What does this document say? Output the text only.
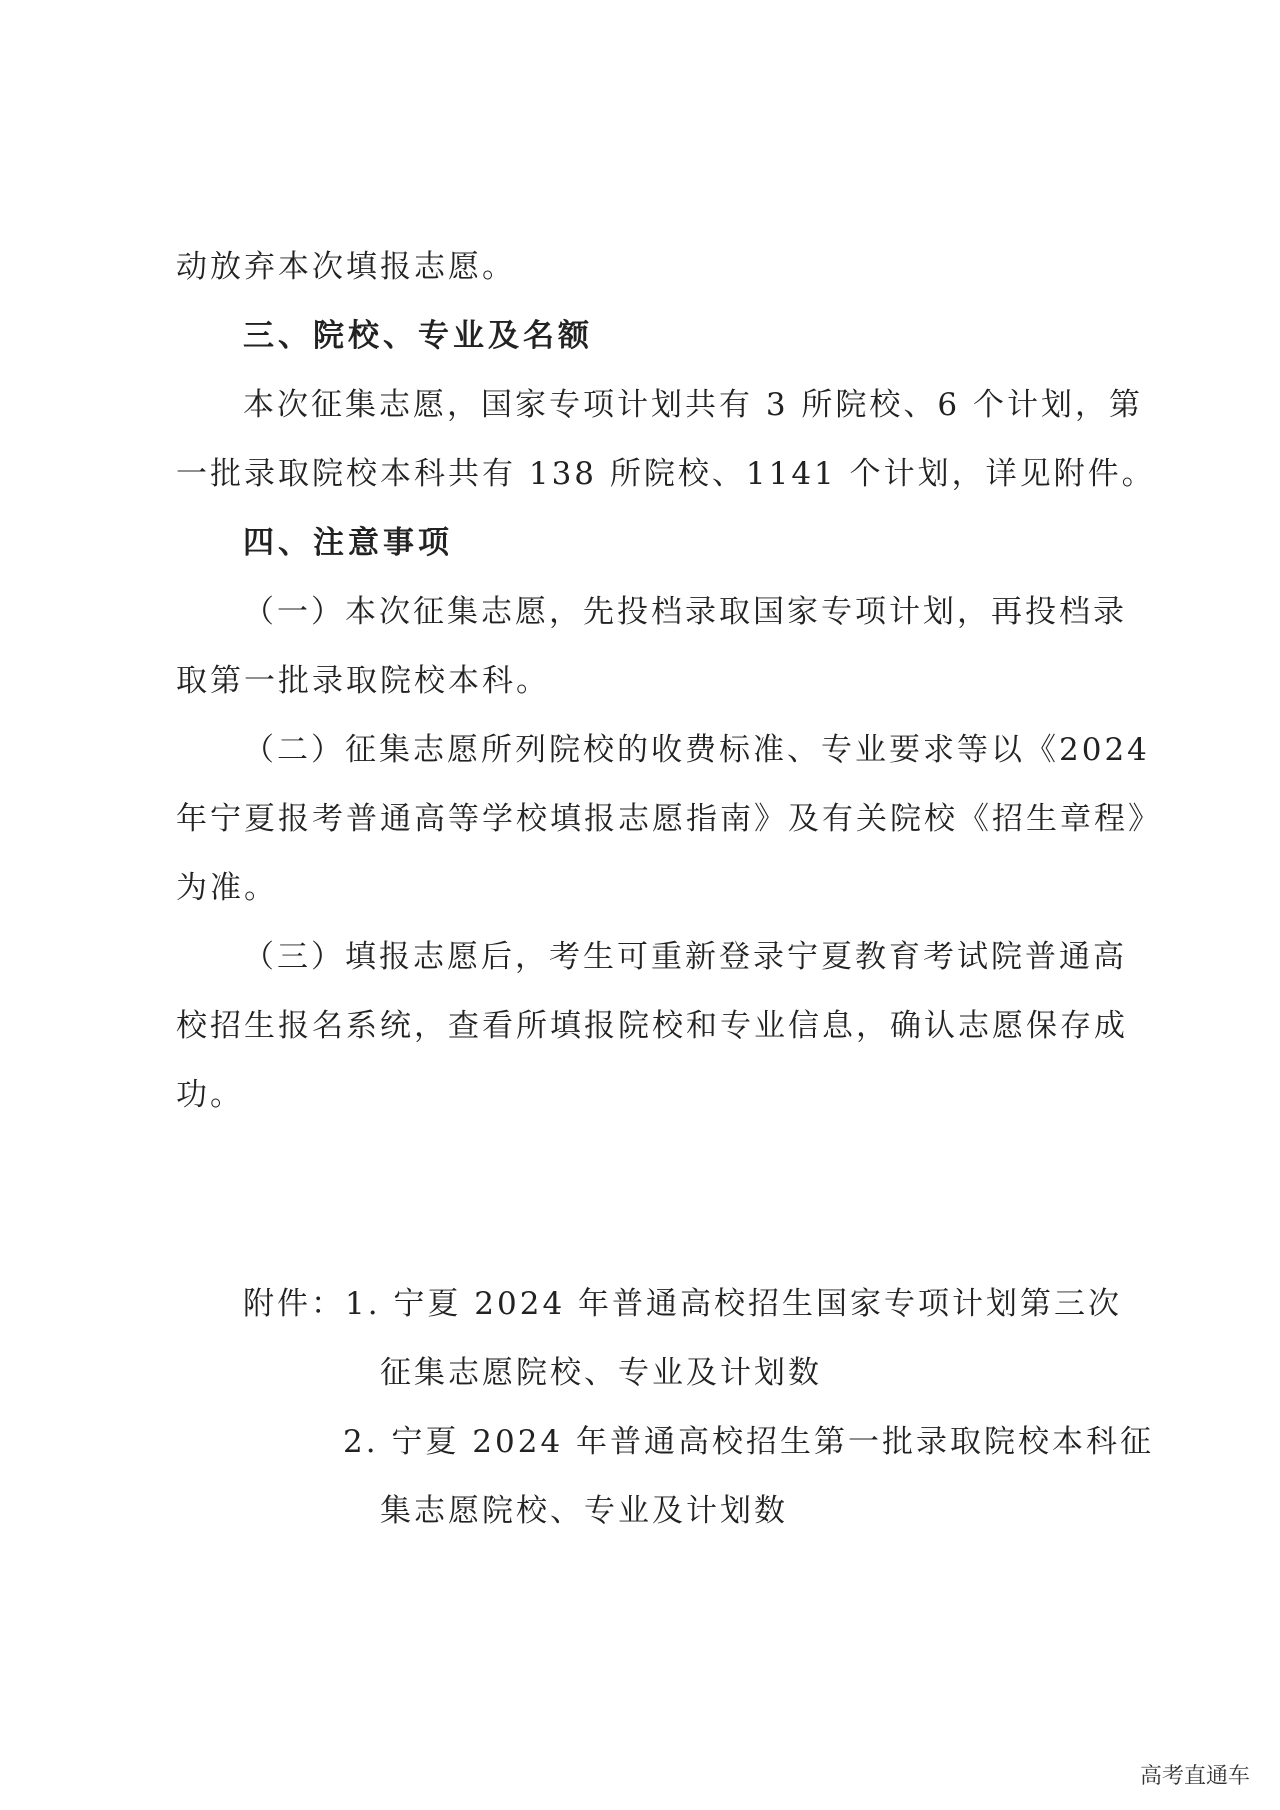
动放弃本次填报志愿。
三、院校、专业及名额
本次征集志愿，国家专项计划共有 3 所院校、6 个计划，第
一批录取院校本科共有 138 所院校、1141 个计划，详见附件。
四、注意事项
（一）本次征集志愿，先投档录取国家专项计划，再投档录
取第一批录取院校本科。
（二）征集志愿所列院校的收费标准、专业要求等以《2024
年宁夏报考普通高等学校填报志愿指南》及有关院校《招生章程》
为准。
（三）填报志愿后，考生可重新登录宁夏教育考试院普通高
校招生报名系统，查看所填报院校和专业信息，确认志愿保存成
功。
附件：1. 宁夏 2024 年普通高校招生国家专项计划第三次
征集志愿院校、专业及计划数
2. 宁夏 2024 年普通高校招生第一批录取院校本科征
集志愿院校、专业及计划数
高考直通车
